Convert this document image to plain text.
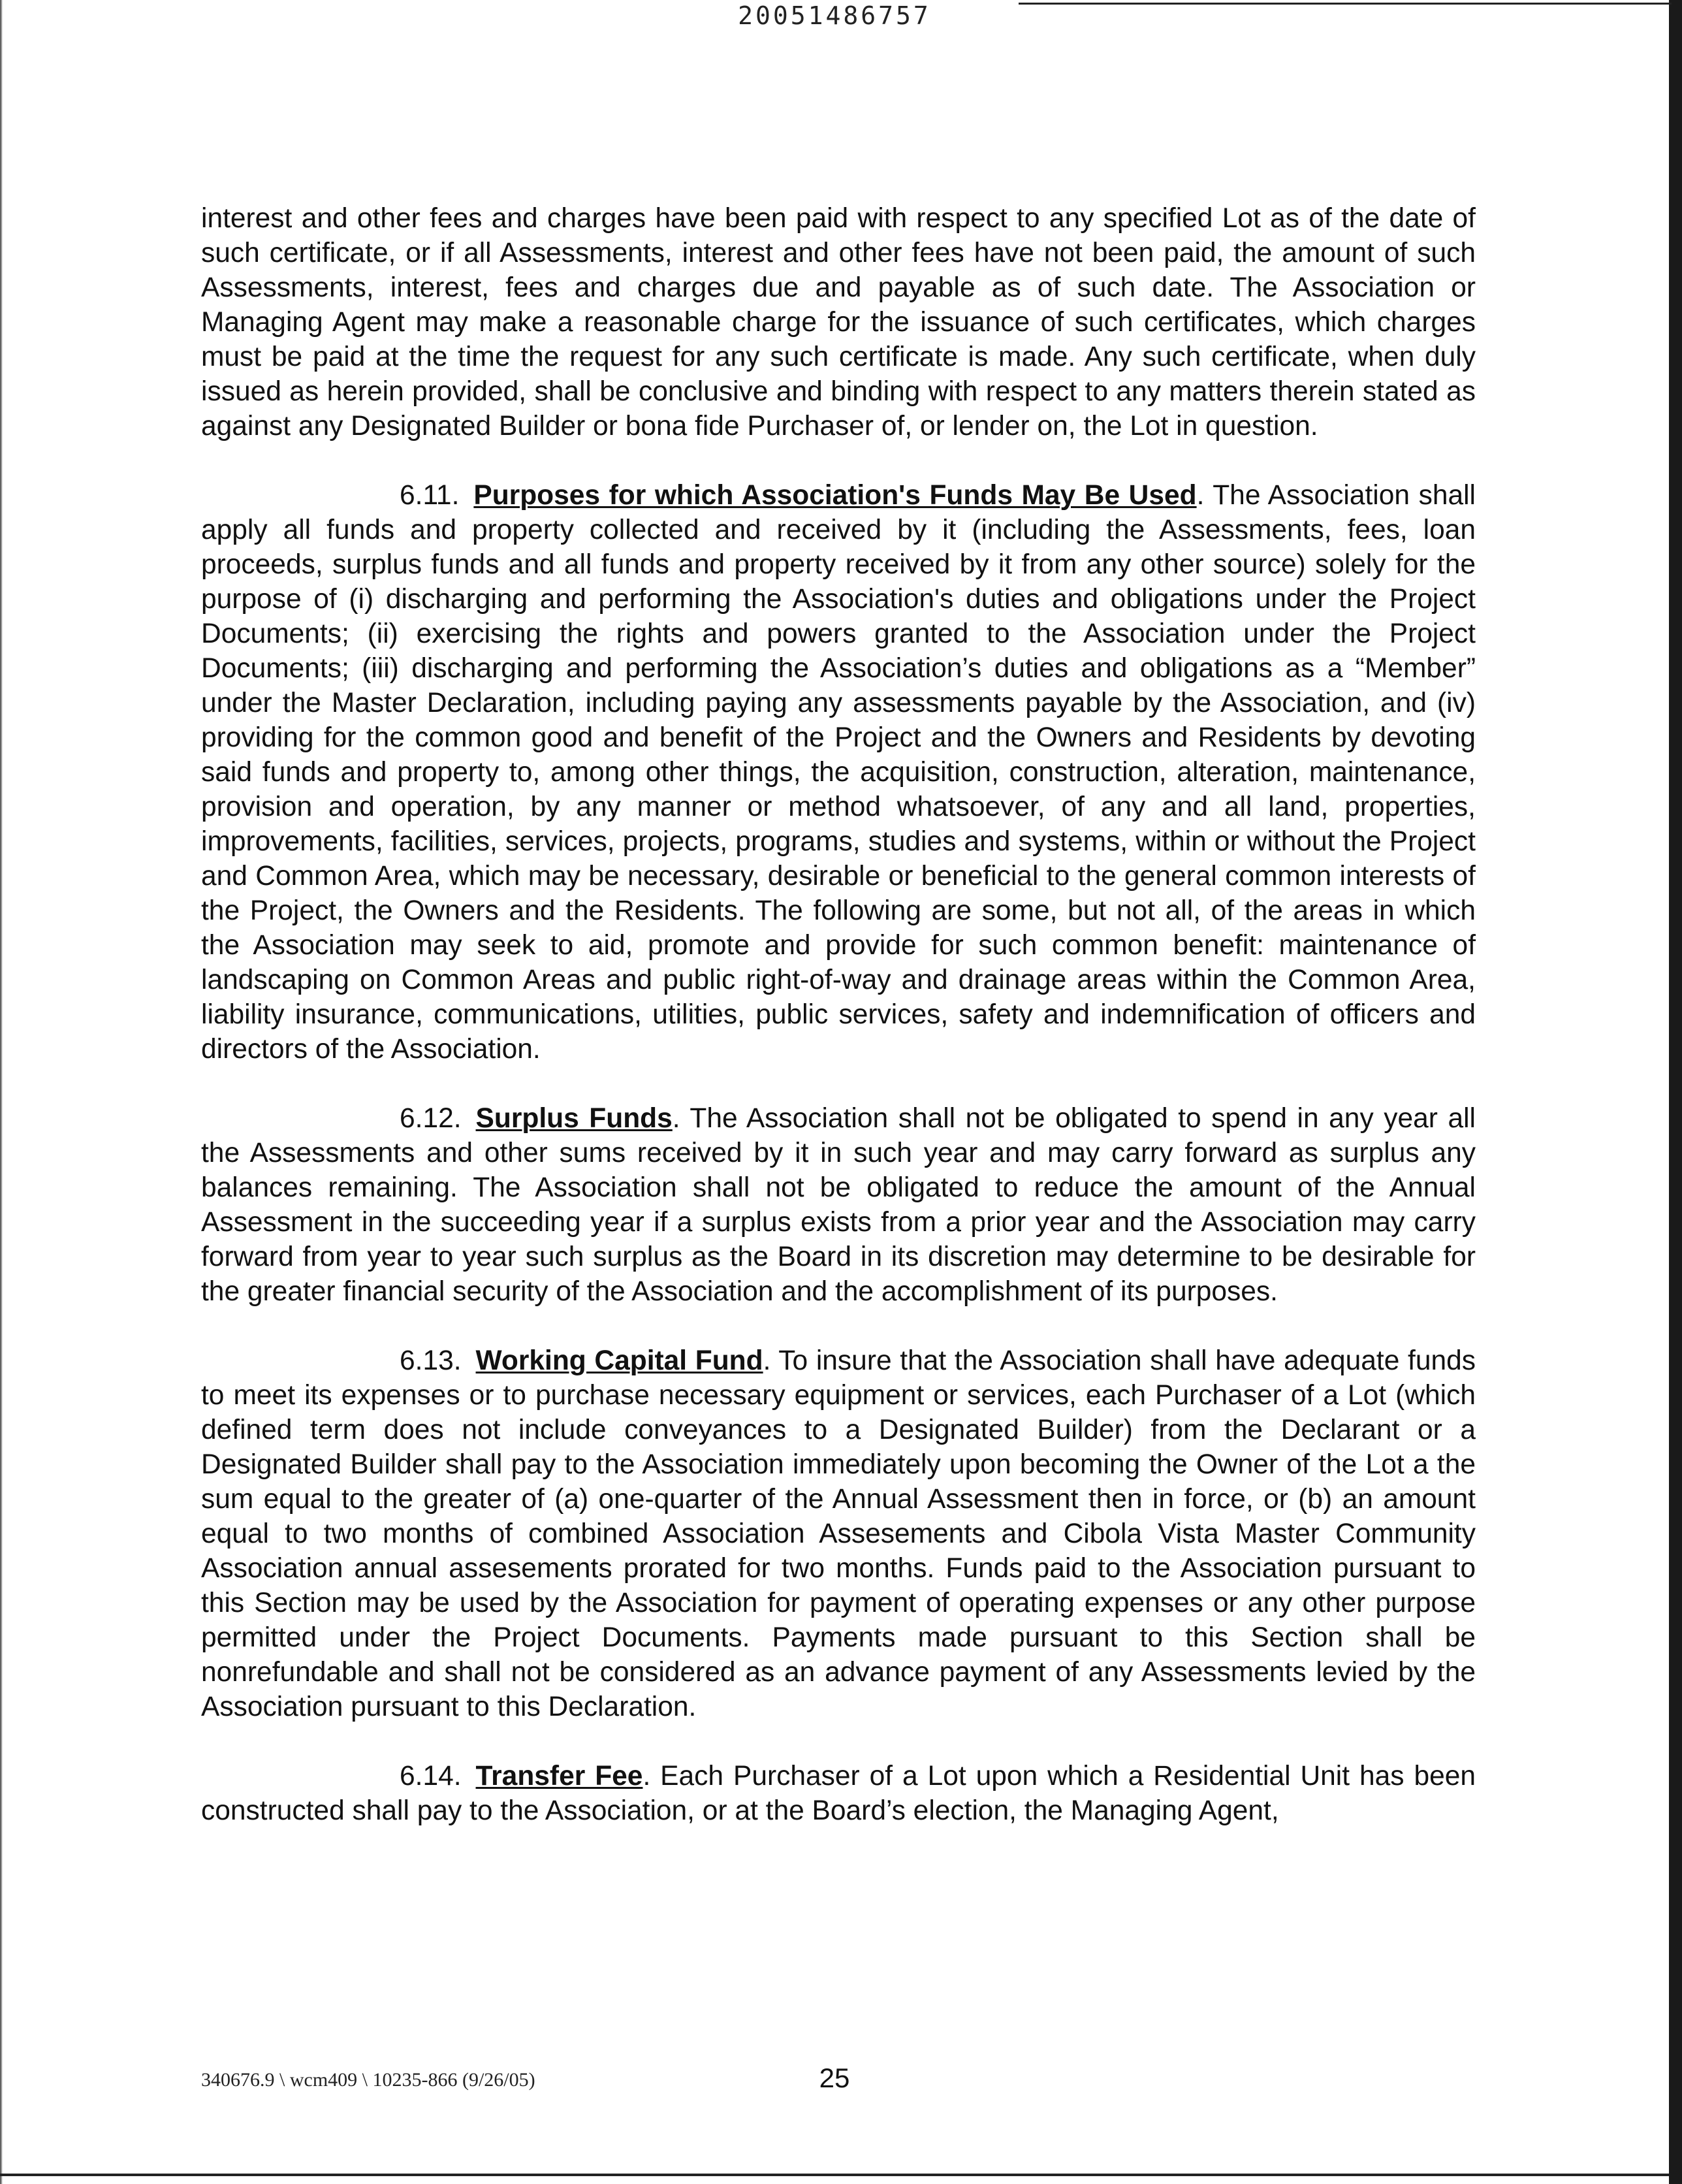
20051486757

interest and other fees and charges have been paid with respect to any specified Lot as of the date of such certificate, or if all Assessments, interest and other fees have not been paid, the amount of such Assessments, interest, fees and charges due and payable as of such date. The Association or Managing Agent may make a reasonable charge for the issuance of such certificates, which charges must be paid at the time the request for any such certificate is made. Any such certificate, when duly issued as herein provided, shall be conclusive and binding with respect to any matters therein stated as against any Designated Builder or bona fide Purchaser of, or lender on, the Lot in question.

6.11. Purposes for which Association's Funds May Be Used. The Association shall apply all funds and property collected and received by it (including the Assessments, fees, loan proceeds, surplus funds and all funds and property received by it from any other source) solely for the purpose of (i) discharging and performing the Association's duties and obligations under the Project Documents; (ii) exercising the rights and powers granted to the Association under the Project Documents; (iii) discharging and performing the Association’s duties and obligations as a “Member” under the Master Declaration, including paying any assessments payable by the Association, and (iv) providing for the common good and benefit of the Project and the Owners and Residents by devoting said funds and property to, among other things, the acquisition, construction, alteration, maintenance, provision and operation, by any manner or method whatsoever, of any and all land, properties, improvements, facilities, services, projects, programs, studies and systems, within or without the Project and Common Area, which may be necessary, desirable or beneficial to the general common interests of the Project, the Owners and the Residents. The following are some, but not all, of the areas in which the Association may seek to aid, promote and provide for such common benefit: maintenance of landscaping on Common Areas and public right-of-way and drainage areas within the Common Area, liability insurance, communications, utilities, public services, safety and indemnification of officers and directors of the Association.

6.12. Surplus Funds. The Association shall not be obligated to spend in any year all the Assessments and other sums received by it in such year and may carry forward as surplus any balances remaining. The Association shall not be obligated to reduce the amount of the Annual Assessment in the succeeding year if a surplus exists from a prior year and the Association may carry forward from year to year such surplus as the Board in its discretion may determine to be desirable for the greater financial security of the Association and the accomplishment of its purposes.

6.13. Working Capital Fund. To insure that the Association shall have adequate funds to meet its expenses or to purchase necessary equipment or services, each Purchaser of a Lot (which defined term does not include conveyances to a Designated Builder) from the Declarant or a Designated Builder shall pay to the Association immediately upon becoming the Owner of the Lot a the sum equal to the greater of (a) one-quarter of the Annual Assessment then in force, or (b) an amount equal to two months of combined Association Assesements and Cibola Vista Master Community Association annual assesements prorated for two months. Funds paid to the Association pursuant to this Section may be used by the Association for payment of operating expenses or any other purpose permitted under the Project Documents. Payments made pursuant to this Section shall be nonrefundable and shall not be considered as an advance payment of any Assessments levied by the Association pursuant to this Declaration.

6.14. Transfer Fee. Each Purchaser of a Lot upon which a Residential Unit has been constructed shall pay to the Association, or at the Board’s election, the Managing Agent,

340676.9 \ wcm409 \ 10235-866 (9/26/05)	25
